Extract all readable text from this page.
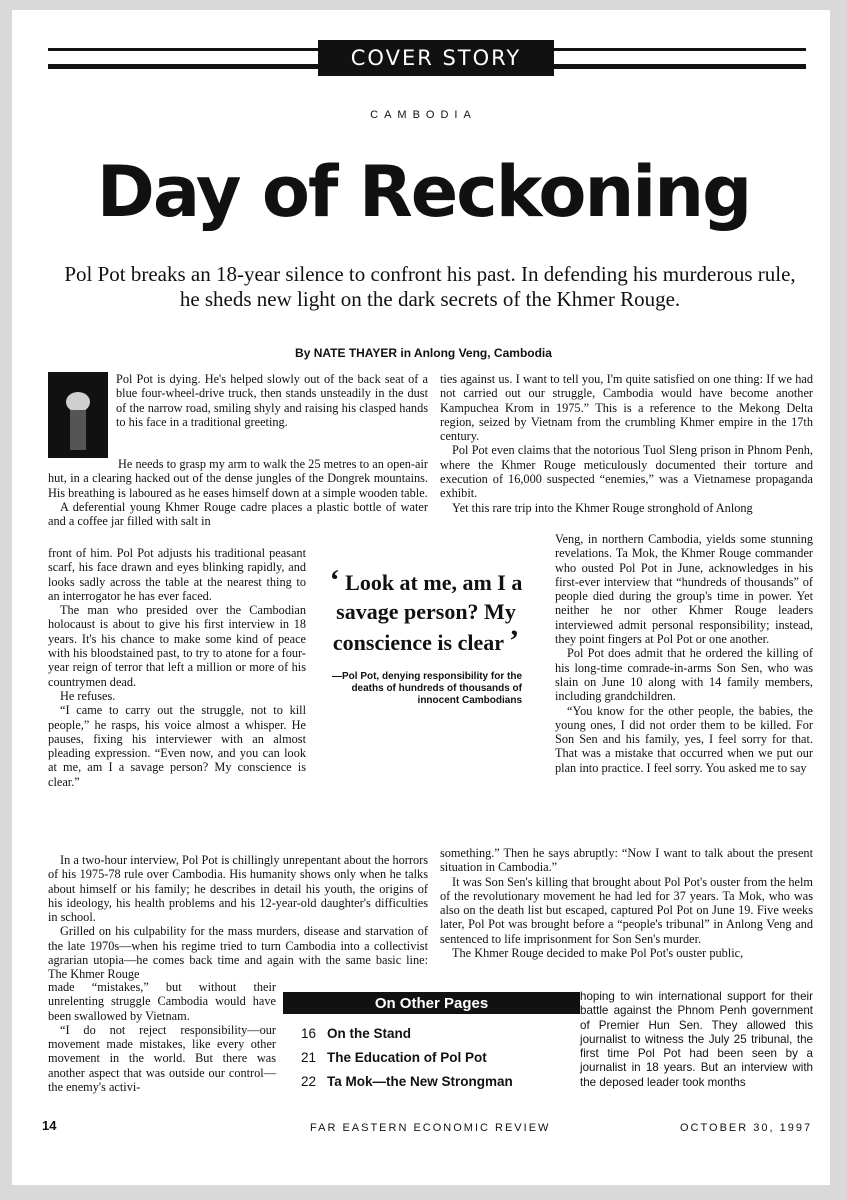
COVER STORY
CAMBODIA
Day of Reckoning
Pol Pot breaks an 18-year silence to confront his past. In defending his murderous rule, he sheds new light on the dark secrets of the Khmer Rouge.
By NATE THAYER in Anlong Veng, Cambodia

Pol Pot is dying. He's helped slowly out of the back seat of a blue four-wheel-drive truck, then stands unsteadily in the dust of the narrow road, smiling shyly and raising his clasped hands to his face in a traditional greeting.

He needs to grasp my arm to walk the 25 metres to an open-air hut, in a clearing hacked out of the dense jungles of the Dongrek mountains. His breathing is laboured as he eases himself down at a simple wooden table.

A deferential young Khmer Rouge cadre places a plastic bottle of water and a coffee jar filled with salt in

front of him. Pol Pot adjusts his traditional peasant scarf, his face drawn and eyes blinking rapidly, and looks sadly across the table at the nearest thing to an interrogator he has ever faced.

The man who presided over the Cambodian holocaust is about to give his first interview in 18 years. It's his chance to make some kind of peace with his bloodstained past, to try to atone for a four-year reign of terror that left a million or more of his countrymen dead.

He refuses.

“I came to carry out the struggle, not to kill people,” he rasps, his voice almost a whisper. He pauses, fixing his interviewer with an almost pleading expression. “Even now, and you can look at me, am I a savage person? My conscience is clear.”

In a two-hour interview, Pol Pot is chillingly unrepentant about the horrors of his 1975-78 rule over Cambodia. His humanity shows only when he talks about himself or his family; he describes in detail his youth, the origins of his ideology, his health problems and his 12-year-old daughter's difficulties in school.

Grilled on his culpability for the mass murders, disease and starvation of the late 1970s—when his regime tried to turn Cambodia into a collectivist agrarian utopia—he comes back time and again with the same basic line: The Khmer Rouge

made “mistakes,” but without their unrelenting struggle Cambodia would have been swallowed by Vietnam.

“I do not reject responsibility—our movement made mistakes, like every other movement in the world. But there was another aspect that was outside our control—the enemy's activi-

ties against us. I want to tell you, I'm quite satisfied on one thing: If we had not carried out our struggle, Cambodia would have become another Kampuchea Krom in 1975.” This is a reference to the Mekong Delta region, seized by Vietnam from the crumbling Khmer empire in the 17th century.

Pol Pot even claims that the notorious Tuol Sleng prison in Phnom Penh, where the Khmer Rouge meticulously documented their torture and execution of 16,000 suspected “enemies,” was a Vietnamese propaganda exhibit.

Yet this rare trip into the Khmer Rouge stronghold of Anlong

Veng, in northern Cambodia, yields some stunning revelations. Ta Mok, the Khmer Rouge commander who ousted Pol Pot in June, acknowledges in his first-ever interview that “hundreds of thousands” of people died during the group's time in power. Yet neither he nor other Khmer Rouge leaders interviewed admit personal responsibility; instead, they point fingers at Pol Pot or one another.

Pol Pot does admit that he ordered the killing of his long-time comrade-in-arms Son Sen, who was slain on June 10 along with 14 family members, including grandchildren.

“You know for the other people, the babies, the young ones, I did not order them to be killed. For Son Sen and his family, yes, I feel sorry for that. That was a mistake that occurred when we put our plan into practice. I feel sorry. You asked me to say

something.” Then he says abruptly: “Now I want to talk about the present situation in Cambodia.”

It was Son Sen's killing that brought about Pol Pot's ouster from the helm of the revolutionary movement he had led for 37 years. Ta Mok, who was also on the death list but escaped, captured Pol Pot on June 19. Five weeks later, Pol Pot was brought before a “people's tribunal” in Anlong Veng and sentenced to life imprisonment for Son Sen's murder.

The Khmer Rouge decided to make Pol Pot's ouster public,

hoping to win international support for their battle against the Phnom Penh government of Premier Hun Sen. They allowed this journalist to witness the July 25 tribunal, the first time Pol Pot had been seen by a journalist in 18 years. But an interview with the deposed leader took months

‘ Look at me, am I a savage person? My conscience is clear ’
—Pol Pot, denying responsibility for the deaths of hundreds of thousands of innocent Cambodians
On Other Pages
16 On the Stand
21 The Education of Pol Pot
22 Ta Mok—the New Strongman
14	FAR EASTERN ECONOMIC REVIEW	OCTOBER 30, 1997
